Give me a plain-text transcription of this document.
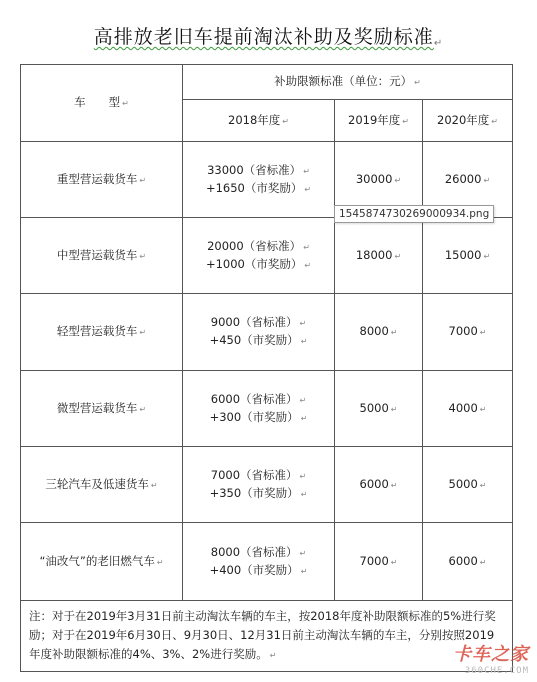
高排放老旧车提前淘汰补助及奖励标准↵
车　　型 ↵	补助限额标准（单位：元） ↵		
	2018年度 ↵	2019年度 ↵	2020年度 ↵
重型营运载货车 ↵	33000（省标准） ↵
+1650（市奖励） ↵	30000 ↵	26000 ↵
中型营运载货车 ↵	20000（省标准） ↵
+1000（市奖励） ↵	18000 ↵	15000 ↵
轻型营运载货车 ↵	9000（省标准） ↵
+450（市奖励） ↵	8000 ↵	7000 ↵
微型营运载货车 ↵	6000（省标准） ↵
+300（市奖励） ↵	5000 ↵	4000 ↵
三轮汽车及低速货车 ↵	7000（省标准） ↵
+350（市奖励） ↵	6000 ↵	5000 ↵
“油改气”的老旧燃气车 ↵	8000（省标准） ↵
+400（市奖励） ↵	7000 ↵	6000 ↵
注：对于在2019年3月31日前主动淘汰车辆的车主，按2018年度补助限额标准的5%进行奖励；对于在2019年6月30日、9月30日、12月31日前主动淘汰车辆的车主，分别按照2019年度补助限额标准的4%、3%、2%进行奖励。 ↵			
1545874730269000934.png
卡车之家
360CHE.COM
